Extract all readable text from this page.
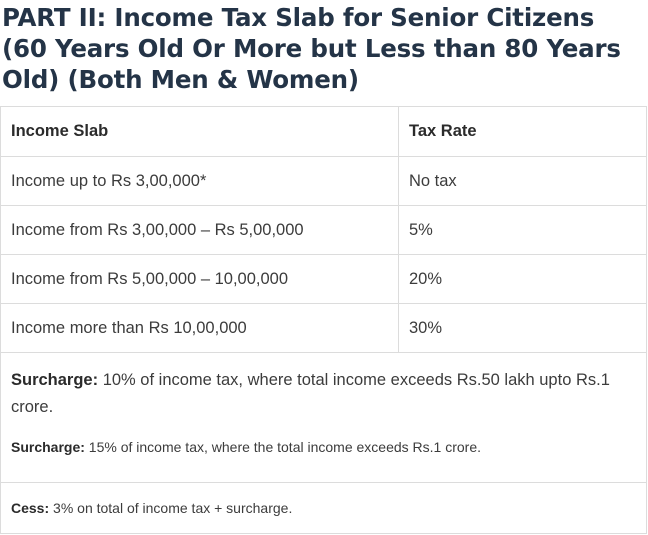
PART II: Income Tax Slab for Senior Citizens (60 Years Old Or More but Less than 80 Years Old) (Both Men & Women)
Income Slab	Tax Rate
Income up to Rs 3,00,000*	No tax
Income from Rs 3,00,000 – Rs 5,00,000	5%
Income from Rs 5,00,000 – 10,00,000	20%
Income more than Rs 10,00,000	30%

Surcharge: 10% of income tax, where total income exceeds Rs.50 lakh upto Rs.1 crore.

Surcharge: 15% of income tax, where the total income exceeds Rs.1 crore.	

Cess: 3% on total of income tax + surcharge.	
